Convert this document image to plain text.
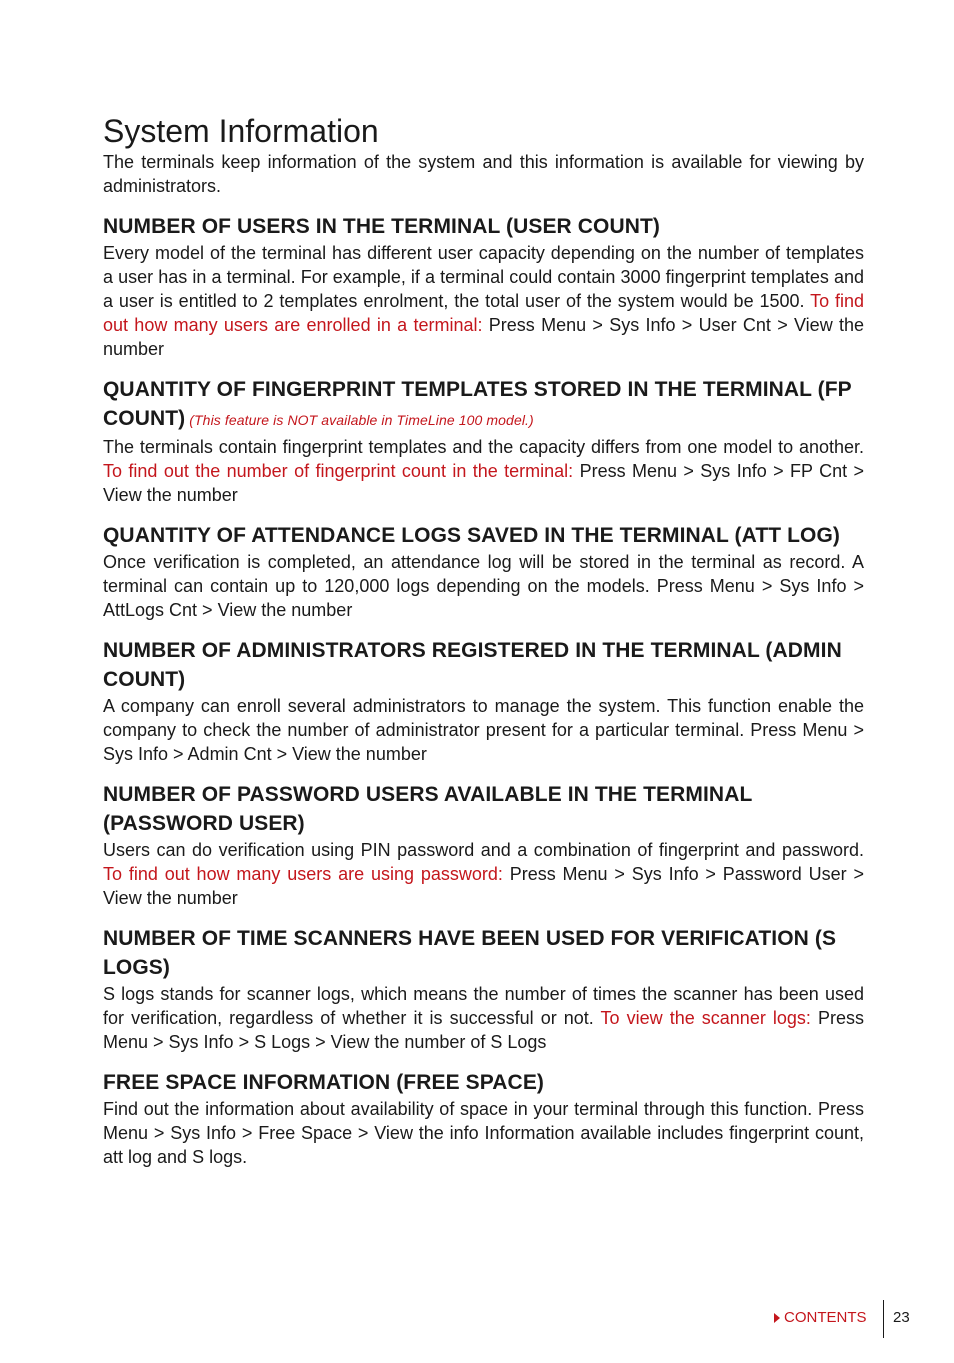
System Information

The terminals keep information of the system and this information is available for viewing by administrators.

NUMBER OF USERS IN THE TERMINAL (USER COUNT)

Every model of the terminal has different user capacity depending on the number of templates a user has in a terminal. For example, if a terminal could contain 3000 fingerprint templates and a user is entitled to 2 templates enrolment, the total user of the system would be 1500. To find out how many users are enrolled in a terminal: Press Menu > Sys Info > User Cnt > View the number

QUANTITY OF FINGERPRINT TEMPLATES STORED IN THE TERMINAL (FP COUNT) (This feature is NOT available in TimeLine 100 model.)

The terminals contain fingerprint templates and the capacity differs from one model to another. To find out the number of fingerprint count in the terminal: Press Menu > Sys Info > FP Cnt > View the number

QUANTITY OF ATTENDANCE LOGS SAVED IN THE TERMINAL (ATT LOG)

Once verification is completed, an attendance log will be stored in the terminal as record. A terminal can contain up to 120,000 logs depending on the models. Press Menu > Sys Info > AttLogs Cnt > View the number

NUMBER OF ADMINISTRATORS REGISTERED IN THE TERMINAL (ADMIN COUNT)

A company can enroll several administrators to manage the system. This function enable the company to check the number of administrator present for a particular terminal. Press Menu > Sys Info > Admin Cnt > View the number

NUMBER OF PASSWORD USERS AVAILABLE IN THE TERMINAL (PASSWORD USER)

Users can do verification using PIN password and a combination of fingerprint and password. To find out how many users are using password: Press Menu > Sys Info > Password User > View the number

NUMBER OF TIME SCANNERS HAVE BEEN USED FOR VERIFICATION (S LOGS)

S logs stands for scanner logs, which means the number of times the scanner has been used for verification, regardless of whether it is successful or not. To view the scanner logs: Press Menu > Sys Info > S Logs > View the number of S Logs

FREE SPACE INFORMATION (FREE SPACE)

Find out the information about availability of space in your terminal through this function. Press Menu > Sys Info > Free Space > View the info Information available includes fingerprint count, att log and S logs.

CONTENTS 23
